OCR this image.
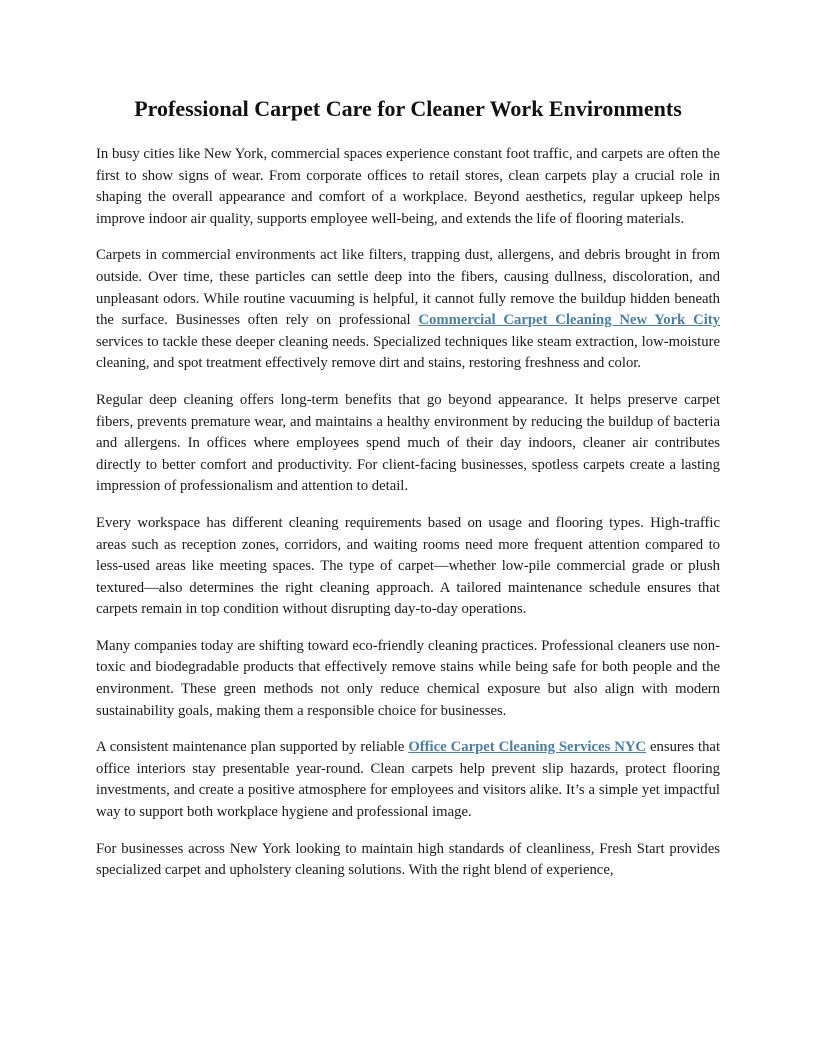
Professional Carpet Care for Cleaner Work Environments

In busy cities like New York, commercial spaces experience constant foot traffic, and carpets are often the first to show signs of wear. From corporate offices to retail stores, clean carpets play a crucial role in shaping the overall appearance and comfort of a workplace. Beyond aesthetics, regular upkeep helps improve indoor air quality, supports employee well-being, and extends the life of flooring materials.

Carpets in commercial environments act like filters, trapping dust, allergens, and debris brought in from outside. Over time, these particles can settle deep into the fibers, causing dullness, discoloration, and unpleasant odors. While routine vacuuming is helpful, it cannot fully remove the buildup hidden beneath the surface. Businesses often rely on professional Commercial Carpet Cleaning New York City services to tackle these deeper cleaning needs. Specialized techniques like steam extraction, low-moisture cleaning, and spot treatment effectively remove dirt and stains, restoring freshness and color.

Regular deep cleaning offers long-term benefits that go beyond appearance. It helps preserve carpet fibers, prevents premature wear, and maintains a healthy environment by reducing the buildup of bacteria and allergens. In offices where employees spend much of their day indoors, cleaner air contributes directly to better comfort and productivity. For client-facing businesses, spotless carpets create a lasting impression of professionalism and attention to detail.

Every workspace has different cleaning requirements based on usage and flooring types. High-traffic areas such as reception zones, corridors, and waiting rooms need more frequent attention compared to less-used areas like meeting spaces. The type of carpet—whether low-pile commercial grade or plush textured—also determines the right cleaning approach. A tailored maintenance schedule ensures that carpets remain in top condition without disrupting day-to-day operations.

Many companies today are shifting toward eco-friendly cleaning practices. Professional cleaners use non-toxic and biodegradable products that effectively remove stains while being safe for both people and the environment. These green methods not only reduce chemical exposure but also align with modern sustainability goals, making them a responsible choice for businesses.

A consistent maintenance plan supported by reliable Office Carpet Cleaning Services NYC ensures that office interiors stay presentable year-round. Clean carpets help prevent slip hazards, protect flooring investments, and create a positive atmosphere for employees and visitors alike. It’s a simple yet impactful way to support both workplace hygiene and professional image.

For businesses across New York looking to maintain high standards of cleanliness, Fresh Start provides specialized carpet and upholstery cleaning solutions. With the right blend of experience,
